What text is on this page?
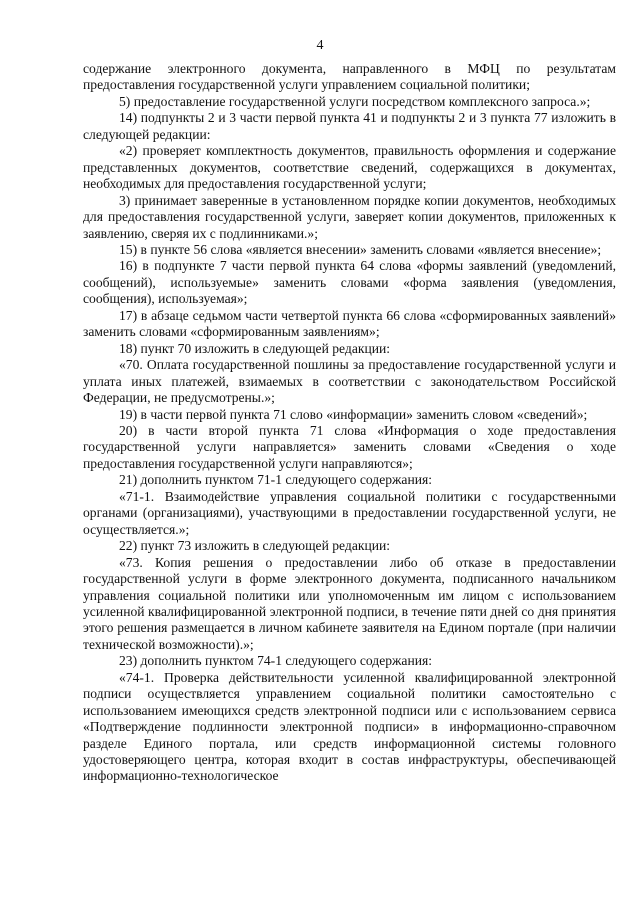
4

содержание электронного документа, направленного в МФЦ по результатам предоставления государственной услуги управлением социальной политики;

5) предоставление государственной услуги посредством комплексного запроса.»;

14) подпункты 2 и 3 части первой пункта 41 и подпункты 2 и 3 пункта 77 изложить в следующей редакции:

«2) проверяет комплектность документов, правильность оформления и содержание представленных документов, соответствие сведений, содержащихся в документах, необходимых для предоставления государственной услуги;

3) принимает заверенные в установленном порядке копии документов, необходимых для предоставления государственной услуги, заверяет копии документов, приложенных к заявлению, сверяя их с подлинниками.»;

15) в пункте 56 слова «является внесении» заменить словами «является внесение»;

16) в подпункте 7 части первой пункта 64 слова «формы заявлений (уведомлений, сообщений), используемые» заменить словами «форма заявления (уведомления, сообщения), используемая»;

17) в абзаце седьмом части четвертой пункта 66 слова «сформированных заявлений» заменить словами «сформированным заявлениям»;

18) пункт 70 изложить в следующей редакции:

«70. Оплата государственной пошлины за предоставление государственной услуги и уплата иных платежей, взимаемых в соответствии с законодательством Российской Федерации, не предусмотрены.»;

19) в части первой пункта 71 слово «информации» заменить словом «сведений»;

20) в части второй пункта 71 слова «Информация о ходе предоставления государственной услуги направляется» заменить словами «Сведения о ходе предоставления государственной услуги направляются»;

21) дополнить пунктом 71-1 следующего содержания:

«71-1. Взаимодействие управления социальной политики с государственными органами (организациями), участвующими в предоставлении государственной услуги, не осуществляется.»;

22) пункт 73 изложить в следующей редакции:

«73. Копия решения о предоставлении либо об отказе в предоставлении государственной услуги в форме электронного документа, подписанного начальником управления социальной политики или уполномоченным им лицом с использованием усиленной квалифицированной электронной подписи, в течение пяти дней со дня принятия этого решения размещается в личном кабинете заявителя на Едином портале (при наличии технической возможности).»;

23) дополнить пунктом 74-1 следующего содержания:

«74-1. Проверка действительности усиленной квалифицированной электронной подписи осуществляется управлением социальной политики самостоятельно с использованием имеющихся средств электронной подписи или с использованием сервиса «Подтверждение подлинности электронной подписи» в информационно-справочном разделе Единого портала, или средств информационной системы головного удостоверяющего центра, которая входит в состав инфраструктуры, обеспечивающей информационно-технологическое
